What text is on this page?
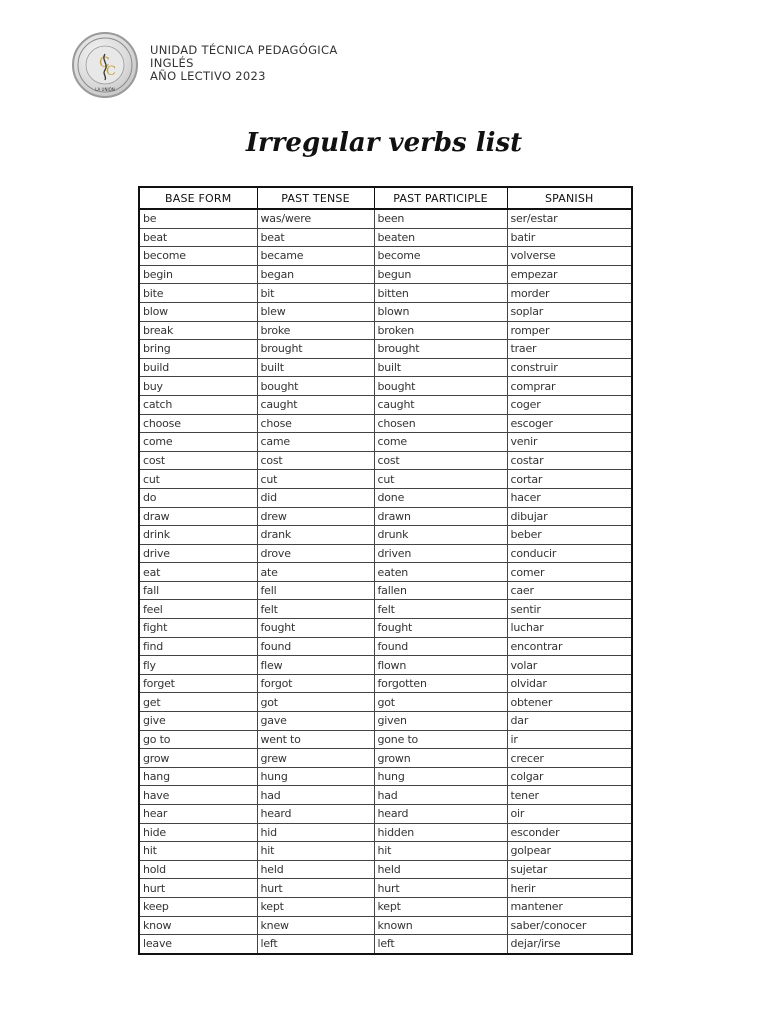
C
C
LA UNIÓN
UNIDAD TÉCNICA PEDAGÓGICA
INGLÉS
AÑO LECTIVO 2023
Irregular verbs list
BASE FORM	PAST TENSE	PAST PARTICIPLE	SPANISH
be	was/were	been	ser/estar
beat	beat	beaten	batir
become	became	become	volverse
begin	began	begun	empezar
bite	bit	bitten	morder
blow	blew	blown	soplar
break	broke	broken	romper
bring	brought	brought	traer
build	built	built	construir
buy	bought	bought	comprar
catch	caught	caught	coger
choose	chose	chosen	escoger
come	came	come	venir
cost	cost	cost	costar
cut	cut	cut	cortar
do	did	done	hacer
draw	drew	drawn	dibujar
drink	drank	drunk	beber
drive	drove	driven	conducir
eat	ate	eaten	comer
fall	fell	fallen	caer
feel	felt	felt	sentir
fight	fought	fought	luchar
find	found	found	encontrar
fly	flew	flown	volar
forget	forgot	forgotten	olvidar
get	got	got	obtener
give	gave	given	dar
go to	went to	gone to	ir
grow	grew	grown	crecer
hang	hung	hung	colgar
have	had	had	tener
hear	heard	heard	oir
hide	hid	hidden	esconder
hit	hit	hit	golpear
hold	held	held	sujetar
hurt	hurt	hurt	herir
keep	kept	kept	mantener
know	knew	known	saber/conocer
leave	left	left	dejar/irse
